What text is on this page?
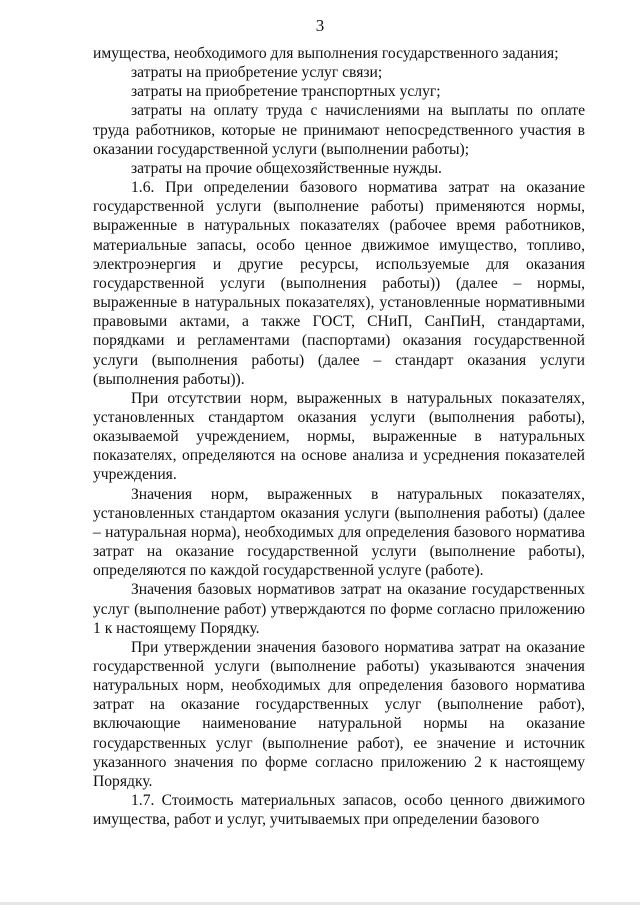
3

имущества, необходимого для выполнения государственного задания;

затраты на приобретение услуг связи;

затраты на приобретение транспортных услуг;

затраты на оплату труда с начислениями на выплаты по оплате труда работников, которые не принимают непосредственного участия в оказании государственной услуги (выполнении работы);

затраты на прочие общехозяйственные нужды.

1.6. При определении базового норматива затрат на оказание государственной услуги (выполнение работы) применяются нормы, выраженные в натуральных показателях (рабочее время работников, материальные запасы, особо ценное движимое имущество, топливо, электроэнергия и другие ресурсы, используемые для оказания государственной услуги (выполнения работы)) (далее – нормы, выраженные в натуральных показателях), установленные нормативными правовыми актами, а также ГОСТ, СНиП, СанПиН, стандартами, порядками и регламентами (паспортами) оказания государственной услуги (выполнения работы) (далее – стандарт оказания услуги (выполнения работы)).

При отсутствии норм, выраженных в натуральных показателях, установленных стандартом оказания услуги (выполнения работы), оказываемой учреждением, нормы, выраженные в натуральных показателях, определяются на основе анализа и усреднения показателей учреждения.

Значения норм, выраженных в натуральных показателях, установленных стандартом оказания услуги (выполнения работы) (далее – натуральная норма), необходимых для определения базового норматива затрат на оказание государственной услуги (выполнение работы), определяются по каждой государственной услуге (работе).

Значения базовых нормативов затрат на оказание государственных услуг (выполнение работ) утверждаются по форме согласно приложению 1 к настоящему Порядку.

При утверждении значения базового норматива затрат на оказание государственной услуги (выполнение работы) указываются значения натуральных норм, необходимых для определения базового норматива затрат на оказание государственных услуг (выполнение работ), включающие наименование натуральной нормы на оказание государственных услуг (выполнение работ), ее значение и источник указанного значения по форме согласно приложению 2 к настоящему Порядку.

1.7. Стоимость материальных запасов, особо ценного движимого имущества, работ и услуг, учитываемых при определении базового
